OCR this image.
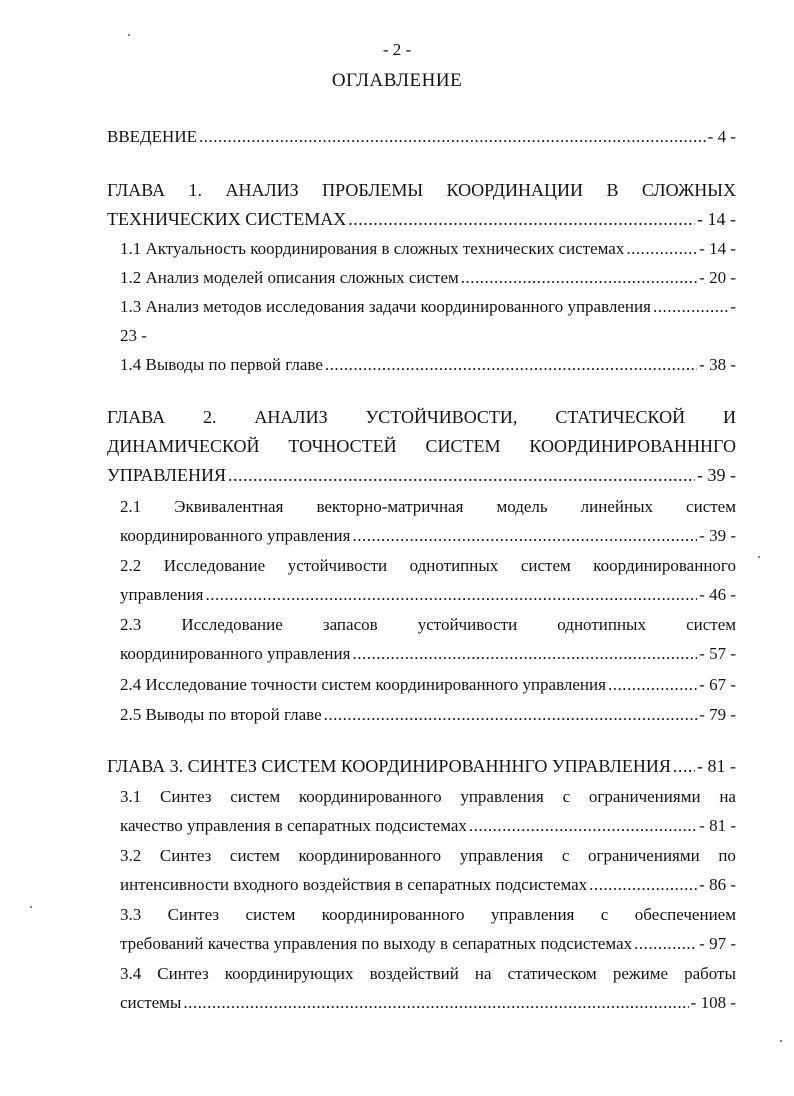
- 2 -
ОГЛАВЛЕНИЕ
ВВЕДЕНИЕ .....	- 4 -
ГЛАВА 1. АНАЛИЗ ПРОБЛЕМЫ КООРДИНАЦИИ В СЛОЖНЫХ
ТЕХНИЧЕСКИХ СИСТЕМАХ .....	- 14 -
1.1 Актуальность координирования в сложных технических системах .....	- 14 -
1.2 Анализ моделей описания сложных систем .....	- 20 -
1.3 Анализ методов исследования задачи координированного управления .....	-
23 -
1.4 Выводы по первой главе .....	- 38 -
ГЛАВА 2. АНАЛИЗ УСТОЙЧИВОСТИ, СТАТИЧЕСКОЙ И
ДИНАМИЧЕСКОЙ ТОЧНОСТЕЙ СИСТЕМ КООРДИНИРОВАНННГО
УПРАВЛЕНИЯ .....	- 39 -
2.1 Эквивалентная векторно-матричная модель линейных систем
координированного управления .....	- 39 -
2.2 Исследование устойчивости однотипных систем координированного
управления .....	- 46 -
2.3 Исследование запасов устойчивости однотипных систем
координированного управления .....	- 57 -
2.4 Исследование точности систем координированного управления .....	- 67 -
2.5 Выводы по второй главе .....	- 79 -
ГЛАВА 3. СИНТЕЗ СИСТЕМ КООРДИНИРОВАНННГО УПРАВЛЕНИЯ ..... - 81 -
3.1 Синтез систем координированного управления с ограничениями на
качество управления в сепаратных подсистемах .....	- 81 -
3.2 Синтез систем координированного управления с ограничениями по
интенсивности входного воздействия в сепаратных подсистемах .....	- 86 -
3.3 Синтез систем координированного управления с обеспечением
требований качества управления по выходу в сепаратных подсистемах .....	- 97 -
3.4 Синтез координирующих воздействий на статическом режиме работы
системы .....	- 108 -
